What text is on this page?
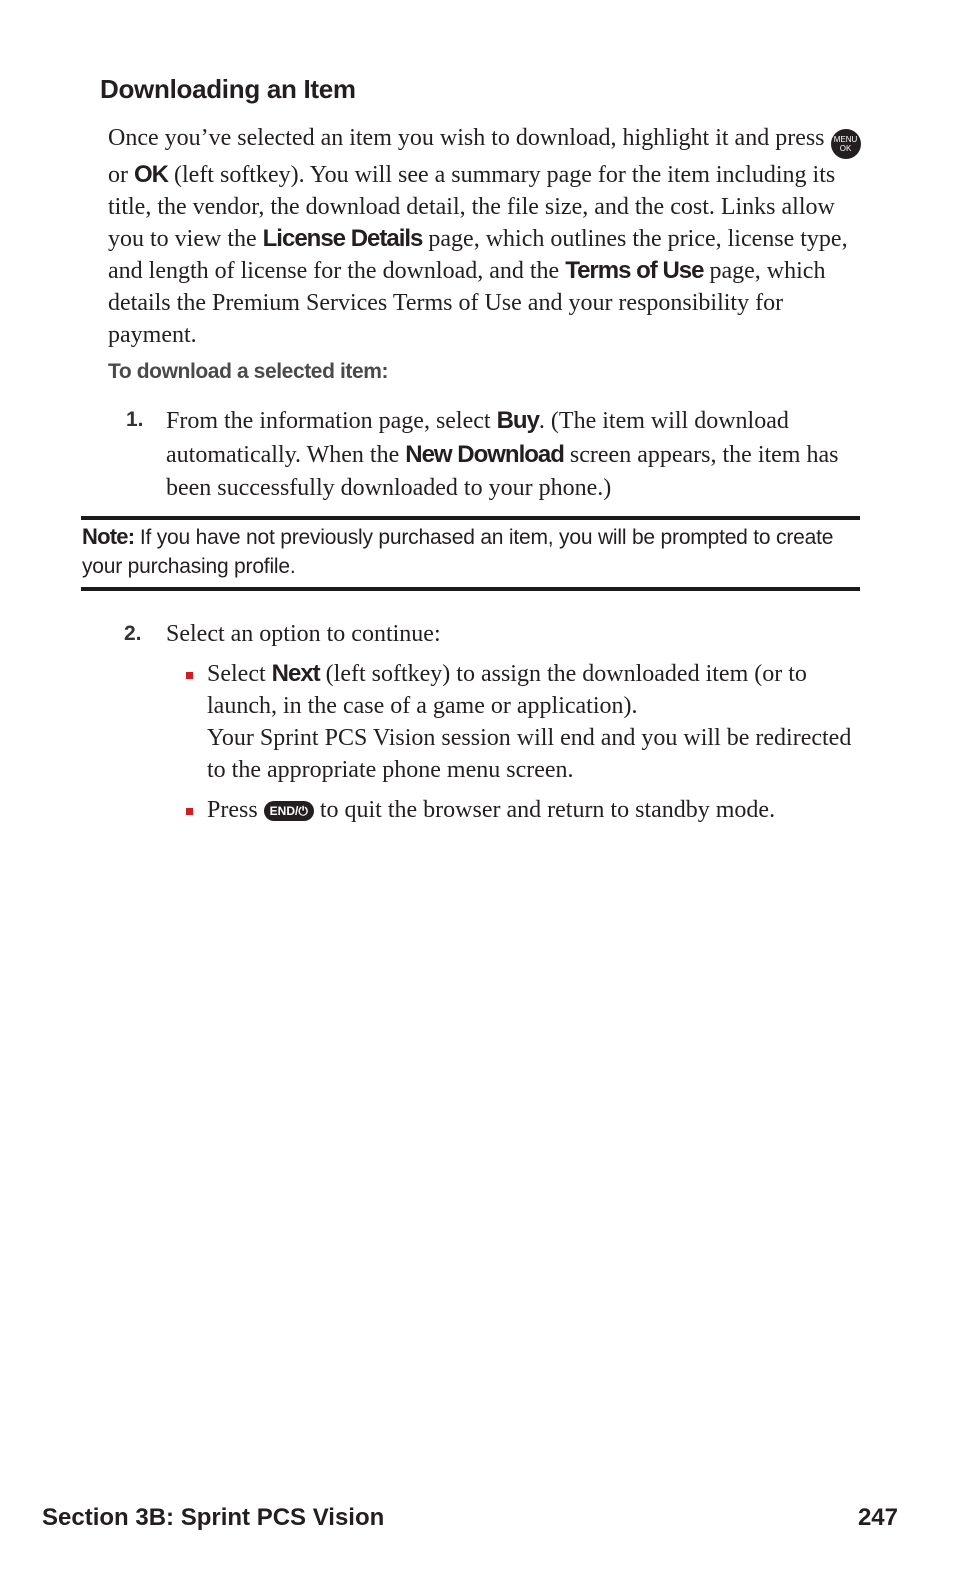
Downloading an Item
Once you’ve selected an item you wish to download, highlight it and press MENU
OK or OK (left softkey). You will see a summary page for the item including its title, the vendor, the download detail, the file size, and the cost. Links allow you to view the License Details page, which outlines the price, license type, and length of license for the download, and the Terms of Use page, which details the Premium Services Terms of Use and your responsibility for payment.
To download a selected item:
1. From the information page, select Buy. (The item will download automatically. When the New Download screen appears, the item has been successfully downloaded to your phone.)
Note: If you have not previously purchased an item, you will be prompted to create your purchasing profile.
2. Select an option to continue:
Select Next (left softkey) to assign the downloaded item (or to launch, in the case of a game or application).
Your Sprint PCS Vision session will end and you will be redirected to the appropriate phone menu screen.
Press END/⏻ to quit the browser and return to standby mode.
Section 3B: Sprint PCS Vision	247
